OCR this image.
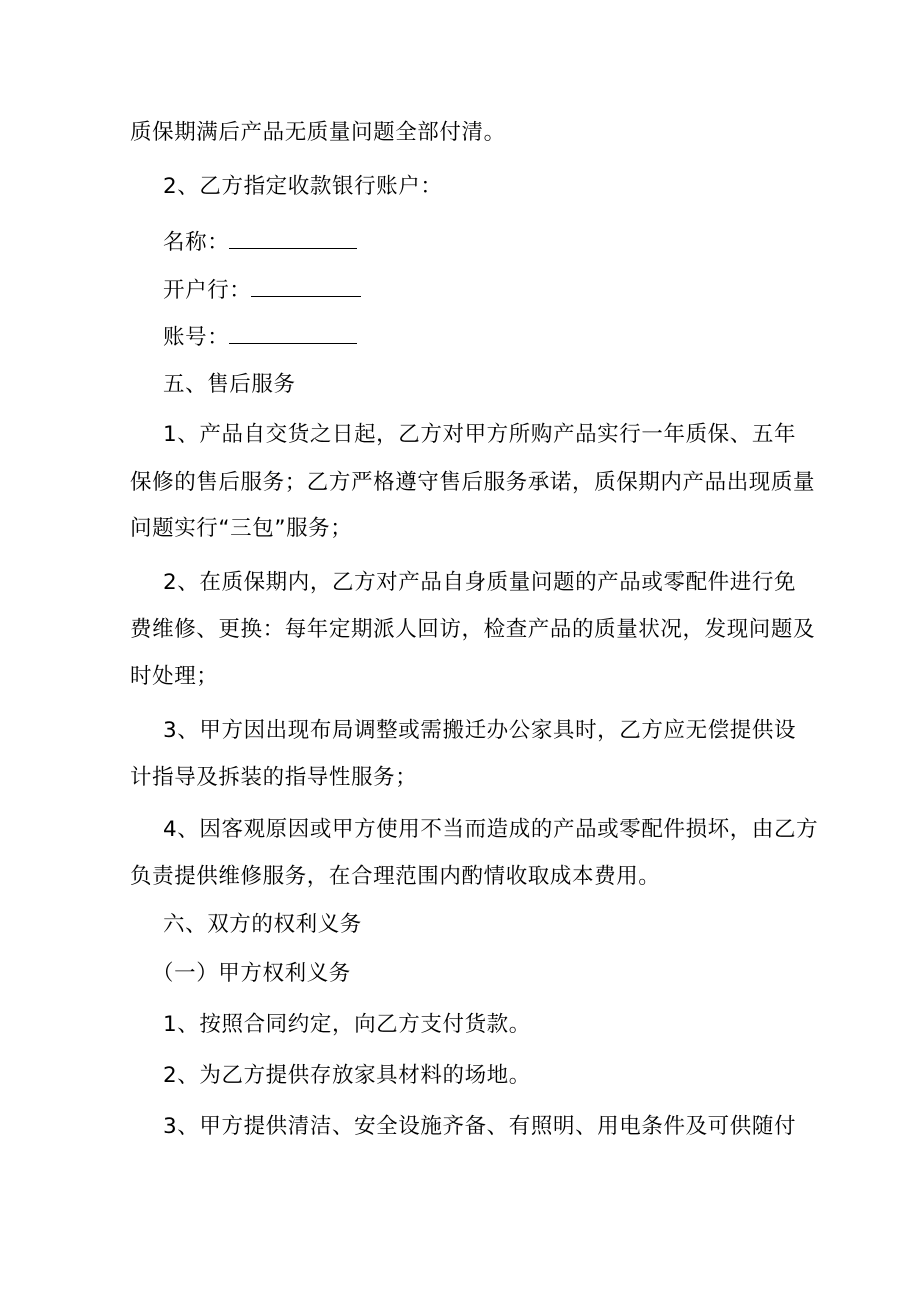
质保期满后产品无质量问题全部付清。
2、乙方指定收款银行账户：
名称：
开户行：
账号：
五、售后服务
1、产品自交货之日起，乙方对甲方所购产品实行一年质保、五年
保修的售后服务；乙方严格遵守售后服务承诺，质保期内产品出现质量
问题实行“三包”服务；
2、在质保期内，乙方对产品自身质量问题的产品或零配件进行免
费维修、更换：每年定期派人回访，检查产品的质量状况，发现问题及
时处理；
3、甲方因出现布局调整或需搬迁办公家具时，乙方应无偿提供设
计指导及拆装的指导性服务；
4、因客观原因或甲方使用不当而造成的产品或零配件损坏，由乙方
负责提供维修服务，在合理范围内酌情收取成本费用。
六、双方的权利义务
（一）甲方权利义务
1、按照合同约定，向乙方支付货款。
2、为乙方提供存放家具材料的场地。
3、甲方提供清洁、安全设施齐备、有照明、用电条件及可供随付
